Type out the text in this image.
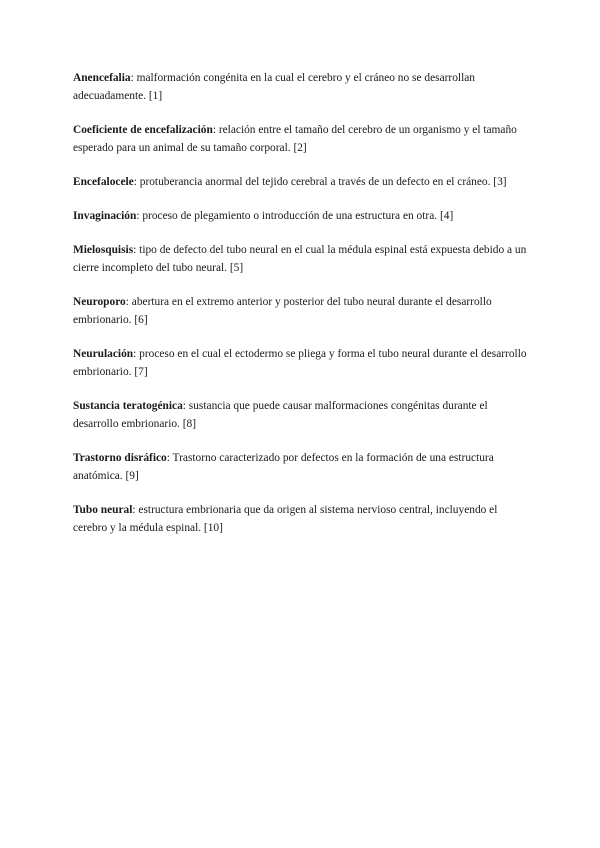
Anencefalia: malformación congénita en la cual el cerebro y el cráneo no se desarrollan adecuadamente. [1]

Coeficiente de encefalización: relación entre el tamaño del cerebro de un organismo y el tamaño esperado para un animal de su tamaño corporal. [2]

Encefalocele: protuberancia anormal del tejido cerebral a través de un defecto en el cráneo. [3]

Invaginación: proceso de plegamiento o introducción de una estructura en otra. [4]

Mielosquisis: tipo de defecto del tubo neural en el cual la médula espinal está expuesta debido a un cierre incompleto del tubo neural. [5]

Neuroporo: abertura en el extremo anterior y posterior del tubo neural durante el desarrollo embrionario. [6]

Neurulación: proceso en el cual el ectodermo se pliega y forma el tubo neural durante el desarrollo embrionario. [7]

Sustancia teratogénica: sustancia que puede causar malformaciones congénitas durante el desarrollo embrionario. [8]

Trastorno disráfico: Trastorno caracterizado por defectos en la formación de una estructura anatómica. [9]

Tubo neural: estructura embrionaria que da origen al sistema nervioso central, incluyendo el cerebro y la médula espinal. [10]
